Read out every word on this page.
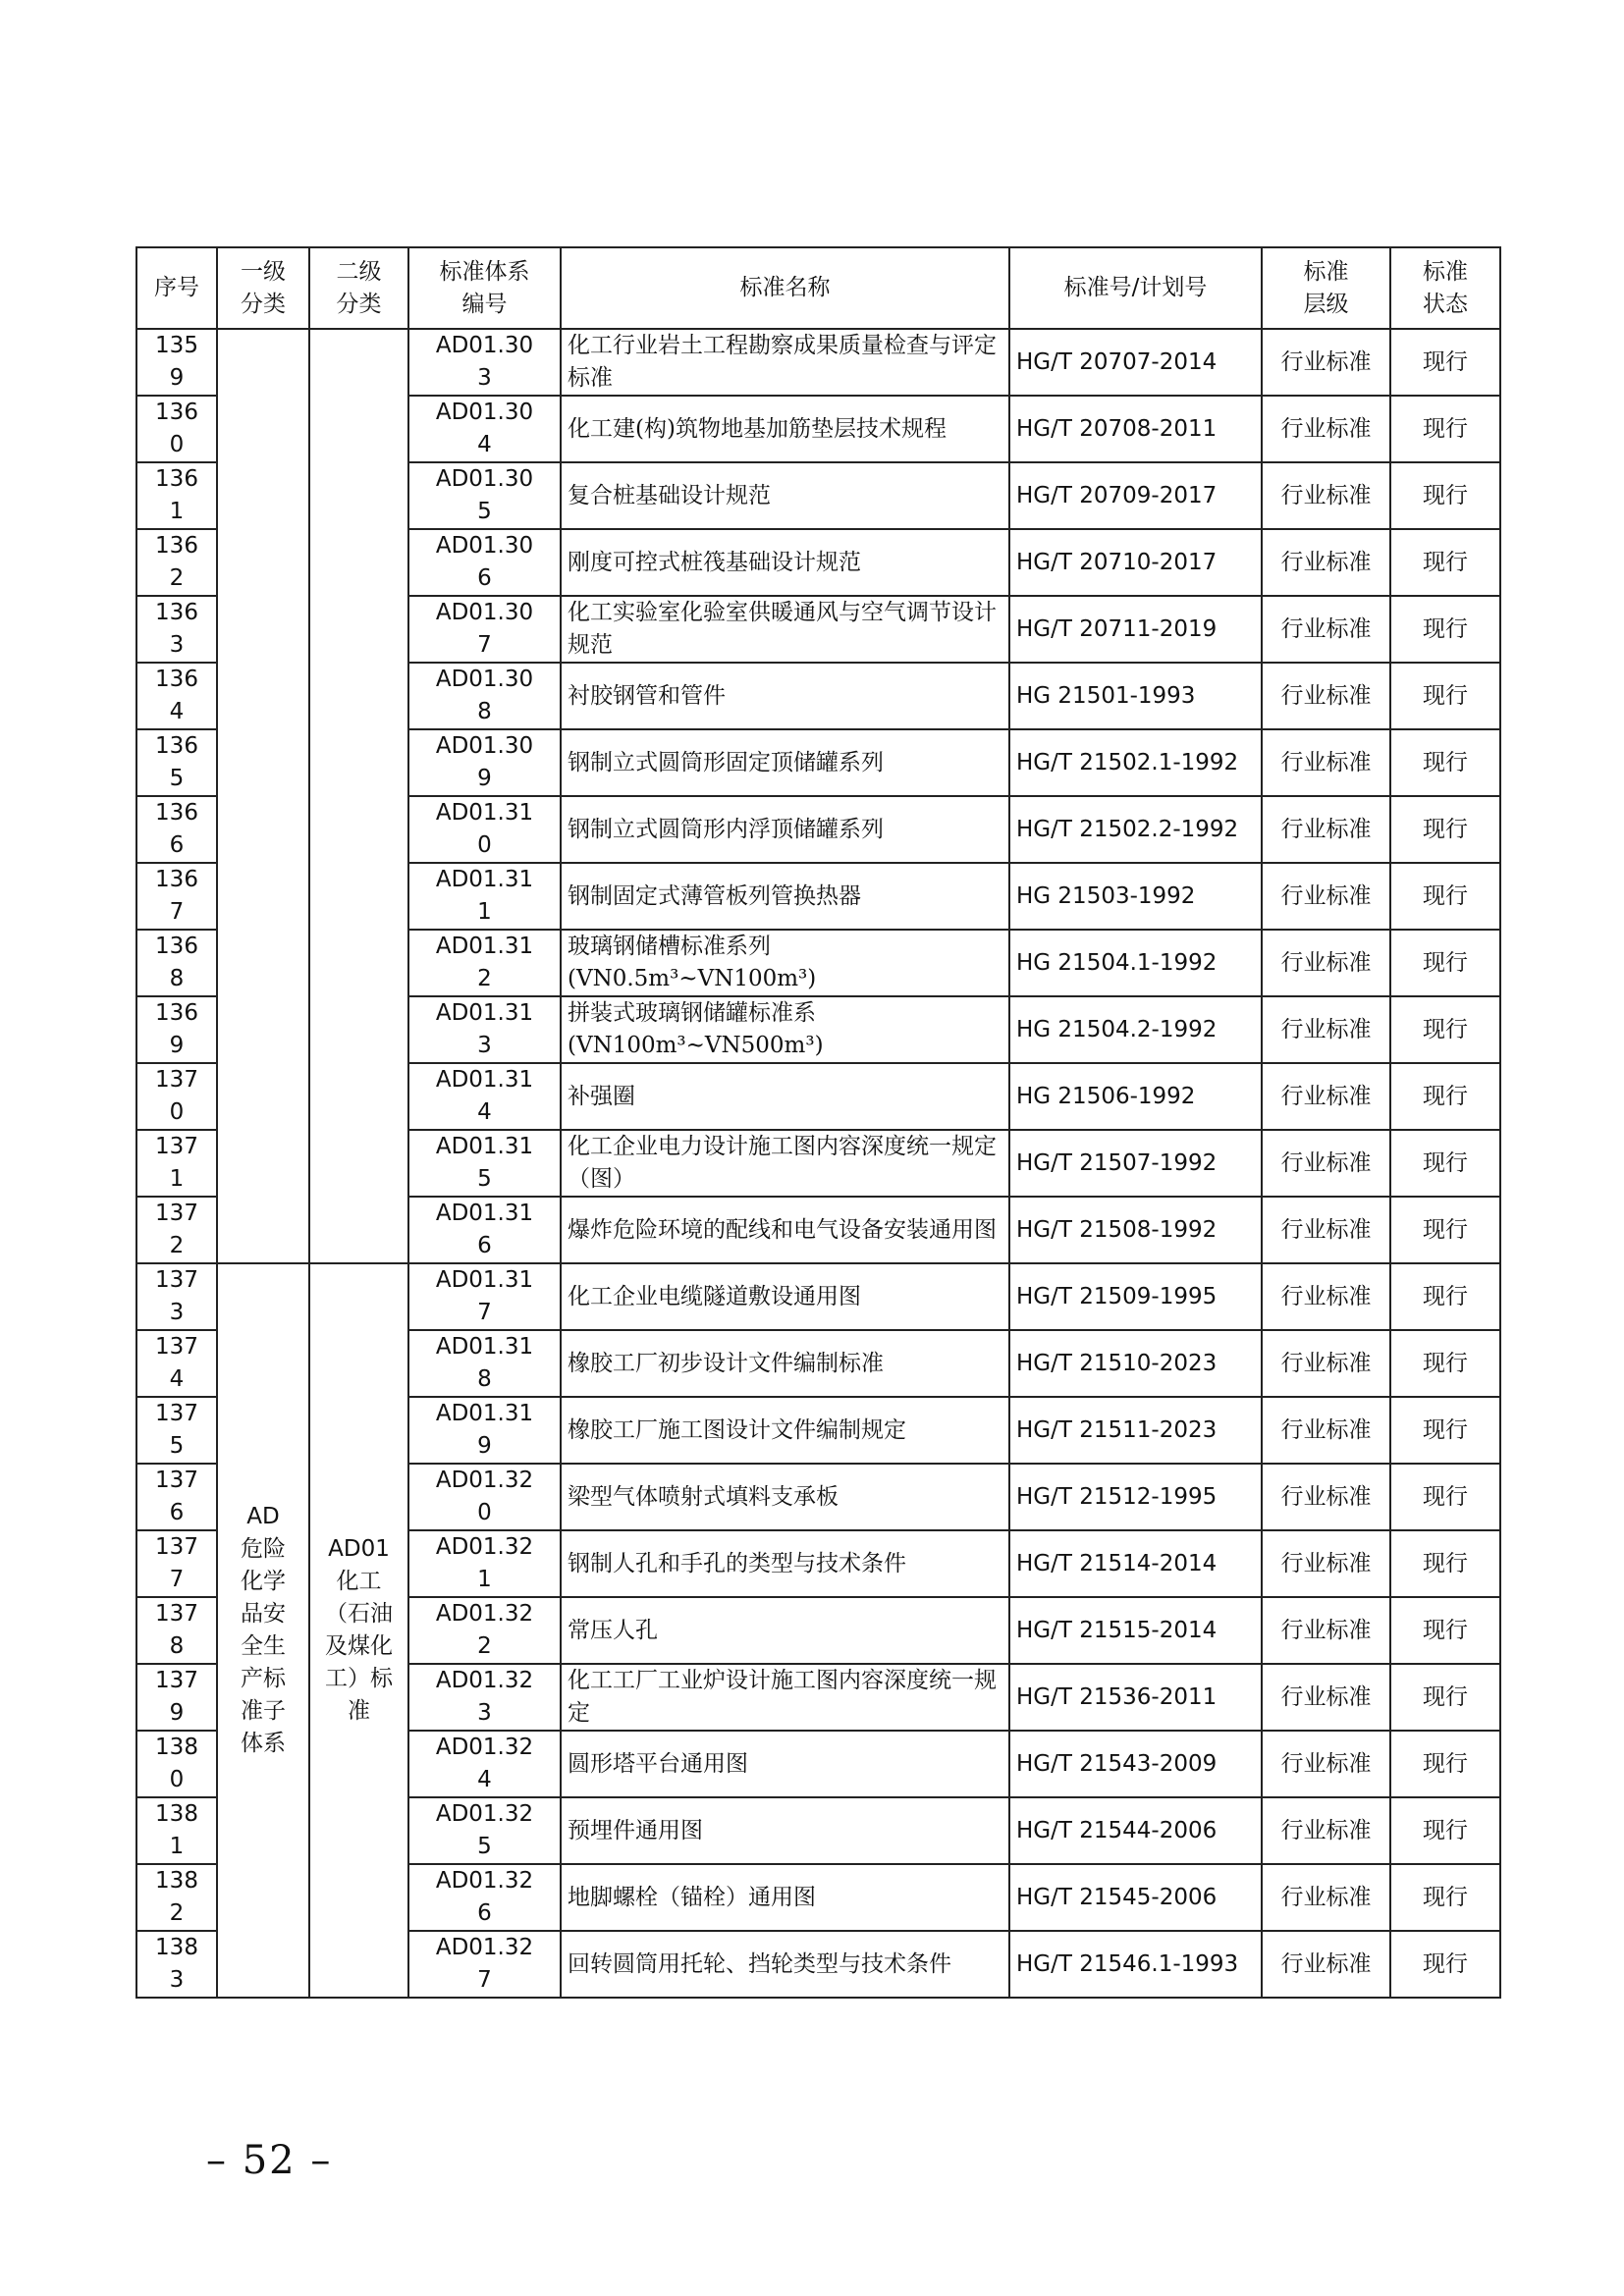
序号	一级分类	二级分类	标准体系编号	标准名称	标准号/计划号	标准层级	标准状态
1359			AD01.303	化工行业岩土工程勘察成果质量检查与评定标准	HG/T 20707-2014	行业标准	现行
1360			AD01.304	化工建(构)筑物地基加筋垫层技术规程	HG/T 20708-2011	行业标准	现行
1361			AD01.305	复合桩基础设计规范	HG/T 20709-2017	行业标准	现行
1362			AD01.306	刚度可控式桩筏基础设计规范	HG/T 20710-2017	行业标准	现行
1363			AD01.307	化工实验室化验室供暖通风与空气调节设计规范	HG/T 20711-2019	行业标准	现行
1364			AD01.308	衬胶钢管和管件	HG 21501-1993	行业标准	现行
1365			AD01.309	钢制立式圆筒形固定顶储罐系列	HG/T 21502.1-1992	行业标准	现行
1366			AD01.310	钢制立式圆筒形内浮顶储罐系列	HG/T 21502.2-1992	行业标准	现行
1367			AD01.311	钢制固定式薄管板列管换热器	HG 21503-1992	行业标准	现行
1368			AD01.312	玻璃钢储槽标准系列(VN0.5m³~VN100m³)	HG 21504.1-1992	行业标准	现行
1369			AD01.313	拼装式玻璃钢储罐标准系(VN100m³~VN500m³)	HG 21504.2-1992	行业标准	现行
1370			AD01.314	补强圈	HG 21506-1992	行业标准	现行
1371			AD01.315	化工企业电力设计施工图内容深度统一规定（图）	HG/T 21507-1992	行业标准	现行
1372			AD01.316	爆炸危险环境的配线和电气设备安装通用图	HG/T 21508-1992	行业标准	现行
1373	AD危险化学品安全生产标准子体系	AD01化工（石油及煤化工）标准	AD01.317	化工企业电缆隧道敷设通用图	HG/T 21509-1995	行业标准	现行
1374			AD01.318	橡胶工厂初步设计文件编制标准	HG/T 21510-2023	行业标准	现行
1375			AD01.319	橡胶工厂施工图设计文件编制规定	HG/T 21511-2023	行业标准	现行
1376			AD01.320	梁型气体喷射式填料支承板	HG/T 21512-1995	行业标准	现行
1377			AD01.321	钢制人孔和手孔的类型与技术条件	HG/T 21514-2014	行业标准	现行
1378			AD01.322	常压人孔	HG/T 21515-2014	行业标准	现行
1379			AD01.323	化工工厂工业炉设计施工图内容深度统一规定	HG/T 21536-2011	行业标准	现行
1380			AD01.324	圆形塔平台通用图	HG/T 21543-2009	行业标准	现行
1381			AD01.325	预埋件通用图	HG/T 21544-2006	行业标准	现行
1382			AD01.326	地脚螺栓（锚栓）通用图	HG/T 21545-2006	行业标准	现行
1383			AD01.327	回转圆筒用托轮、挡轮类型与技术条件	HG/T 21546.1-1993	行业标准	现行
– 52 –
